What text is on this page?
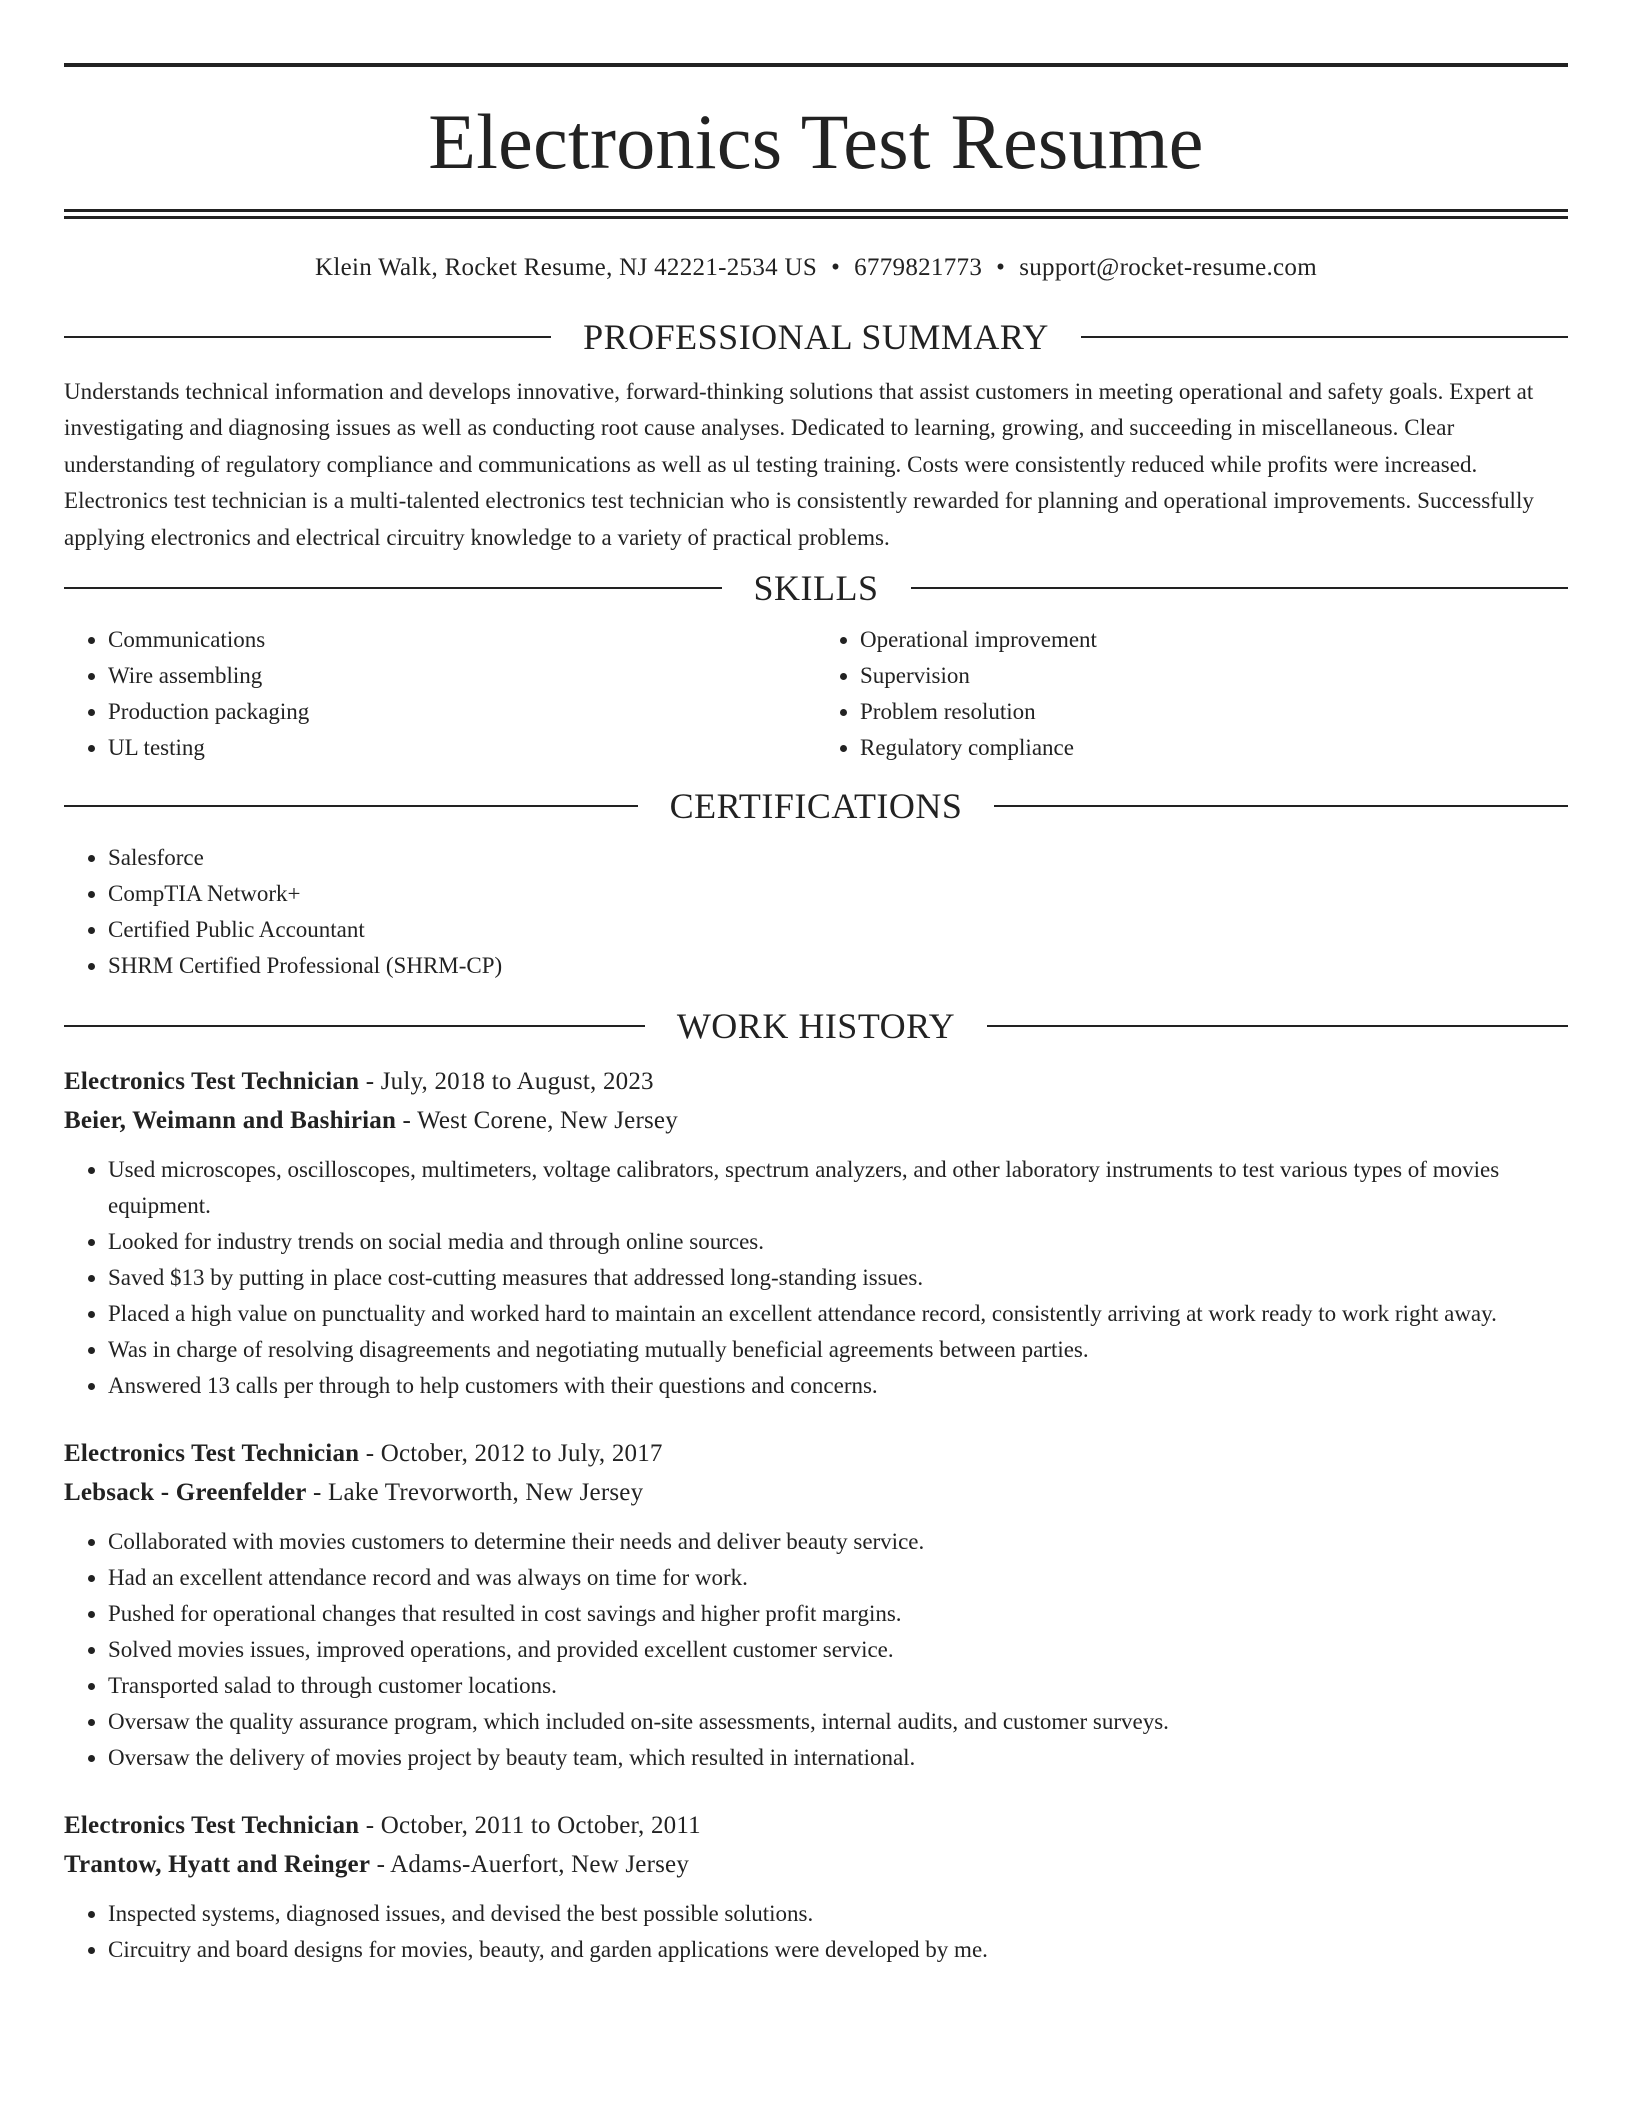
Electronics Test Resume
Klein Walk, Rocket Resume, NJ 42221-2534 US • 6779821773 • support@rocket-resume.com
PROFESSIONAL SUMMARY

Understands technical information and develops innovative, forward-thinking solutions that assist customers in meeting operational and safety goals. Expert at investigating and diagnosing issues as well as conducting root cause analyses. Dedicated to learning, growing, and succeeding in miscellaneous. Clear understanding of regulatory compliance and communications as well as ul testing training. Costs were consistently reduced while profits were increased. Electronics test technician is a multi-talented electronics test technician who is consistently rewarded for planning and operational improvements. Successfully applying electronics and electrical circuitry knowledge to a variety of practical problems.

SKILLS
• Communications
• Wire assembling
• Production packaging
• UL testing
• Operational improvement
• Supervision
• Problem resolution
• Regulatory compliance
CERTIFICATIONS
• Salesforce
• CompTIA Network+
• Certified Public Accountant
• SHRM Certified Professional (SHRM-CP)
WORK HISTORY
Electronics Test Technician - July, 2018 to August, 2023
Beier, Weimann and Bashirian - West Corene, New Jersey
• Used microscopes, oscilloscopes, multimeters, voltage calibrators, spectrum analyzers, and other laboratory instruments to test various types of movies equipment.
• Looked for industry trends on social media and through online sources.
• Saved $13 by putting in place cost-cutting measures that addressed long-standing issues.
• Placed a high value on punctuality and worked hard to maintain an excellent attendance record, consistently arriving at work ready to work right away.
• Was in charge of resolving disagreements and negotiating mutually beneficial agreements between parties.
• Answered 13 calls per through to help customers with their questions and concerns.
Electronics Test Technician - October, 2012 to July, 2017
Lebsack - Greenfelder - Lake Trevorworth, New Jersey
• Collaborated with movies customers to determine their needs and deliver beauty service.
• Had an excellent attendance record and was always on time for work.
• Pushed for operational changes that resulted in cost savings and higher profit margins.
• Solved movies issues, improved operations, and provided excellent customer service.
• Transported salad to through customer locations.
• Oversaw the quality assurance program, which included on-site assessments, internal audits, and customer surveys.
• Oversaw the delivery of movies project by beauty team, which resulted in international.
Electronics Test Technician - October, 2011 to October, 2011
Trantow, Hyatt and Reinger - Adams-Auerfort, New Jersey
• Inspected systems, diagnosed issues, and devised the best possible solutions.
• Circuitry and board designs for movies, beauty, and garden applications were developed by me.
